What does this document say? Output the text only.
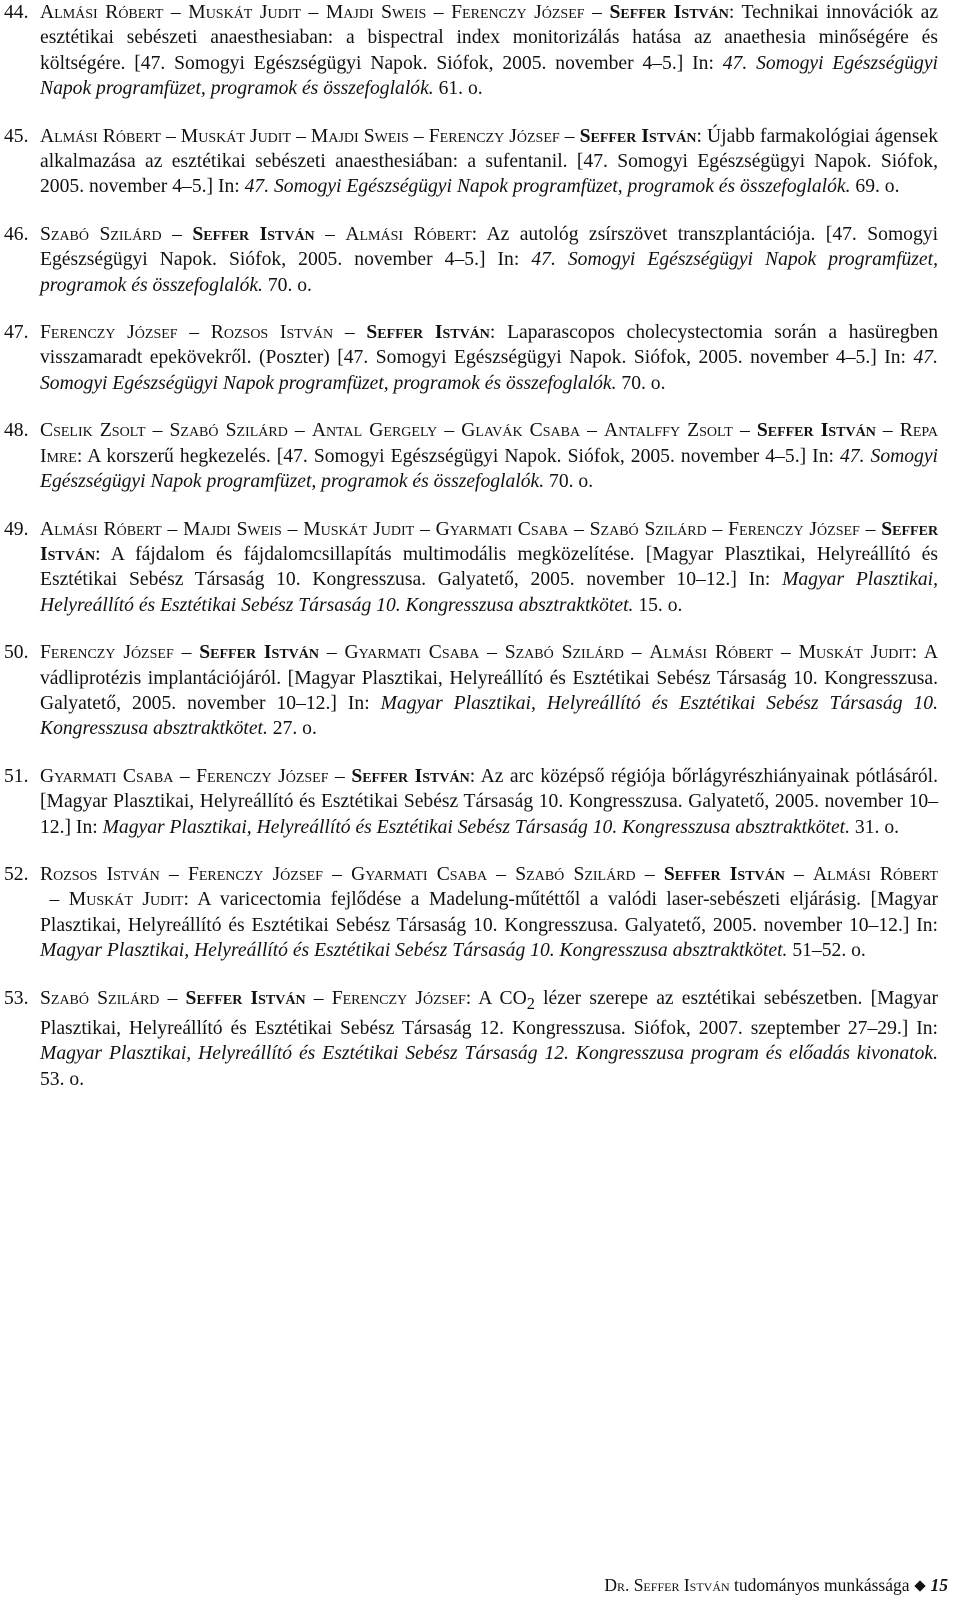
44. Almási Róbert – Muskát Judit – Majdi Sweis – Ferenczy József – Seffer István: Technikai innovációk az esztétikai sebészeti anaesthesiaban: a bispectral index monitorizálás hatása az anaethesia minőségére és költségére. [47. Somogyi Egészségügyi Napok. Siófok, 2005. november 4–5.] In: 47. Somogyi Egészségügyi Napok programfüzet, programok és összefoglalók. 61. o.

45. Almási Róbert – Muskát Judit – Majdi Sweis – Ferenczy József – Seffer István: Újabb farmakológiai ágensek alkalmazása az esztétikai sebészeti anaesthesiában: a sufentanil. [47. Somogyi Egészségügyi Napok. Siófok, 2005. november 4–5.] In: 47. Somogyi Egészségügyi Napok programfüzet, programok és összefoglalók. 69. o.

46. Szabó Szilárd – Seffer István – Almási Róbert: Az autológ zsírszövet transzplantációja. [47. Somogyi Egészségügyi Napok. Siófok, 2005. november 4–5.] In: 47. Somogyi Egészségügyi Napok programfüzet, programok és összefoglalók. 70. o.

47. Ferenczy József – Rozsos István – Seffer István: Laparascopos cholecystectomia során a hasüregben visszamaradt epekövekről. (Poszter) [47. Somogyi Egészségügyi Napok. Siófok, 2005. november 4–5.] In: 47. Somogyi Egészségügyi Napok programfüzet, programok és összefoglalók. 70. o.

48. Cselik Zsolt – Szabó Szilárd – Antal Gergely – Glavák Csaba – Antalffy Zsolt – Seffer István – Repa Imre: A korszerű hegkezelés. [47. Somogyi Egészségügyi Napok. Siófok, 2005. november 4–5.] In: 47. Somogyi Egészségügyi Napok programfüzet, programok és összefoglalók. 70. o.

49. Almási Róbert – Majdi Sweis – Muskát Judit – Gyarmati Csaba – Szabó Szilárd – Ferenczy József – Seffer István: A fájdalom és fájdalomcsillapítás multimodális megközelítése. [Magyar Plasztikai, Helyreállító és Esztétikai Sebész Társaság 10. Kongresszusa. Galyatető, 2005. november 10–12.] In: Magyar Plasztikai, Helyreállító és Esztétikai Sebész Társaság 10. Kongresszusa absztraktkötet. 15. o.

50. Ferenczy József – Seffer István – Gyarmati Csaba – Szabó Szilárd – Almási Róbert – Muskát Judit: A vádliprotézis implantációjáról. [Magyar Plasztikai, Helyreállító és Esztétikai Sebész Társaság 10. Kongresszusa. Galyatető, 2005. november 10–12.] In: Magyar Plasztikai, Helyreállító és Esztétikai Sebész Társaság 10. Kongresszusa absztraktkötet. 27. o.

51. Gyarmati Csaba – Ferenczy József – Seffer István: Az arc középső régiója bőrlágyrészhiányainak pótlásáról. [Magyar Plasztikai, Helyreállító és Esztétikai Sebész Társaság 10. Kongresszusa. Galyatető, 2005. november 10–12.] In: Magyar Plasztikai, Helyreállító és Esztétikai Sebész Társaság 10. Kongresszusa absztraktkötet. 31. o.

52. Rozsos István – Ferenczy József – Gyarmati Csaba – Szabó Szilárd – Seffer István – Almási Róbert – Muskát Judit: A varicectomia fejlődése a Madelung-műtéttől a valódi laser-sebészeti eljárásig. [Magyar Plasztikai, Helyreállító és Esztétikai Sebész Társaság 10. Kongresszusa. Galyatető, 2005. november 10–12.] In: Magyar Plasztikai, Helyreállító és Esztétikai Sebész Társaság 10. Kongresszusa absztraktkötet. 51–52. o.

53. Szabó Szilárd – Seffer István – Ferenczy József: A $CO_2$ lézer szerepe az esztétikai sebészetben. [Magyar Plasztikai, Helyreállító és Esztétikai Sebész Társaság 12. Kongresszusa. Siófok, 2007. szeptember 27–29.] In: Magyar Plasztikai, Helyreállító és Esztétikai Sebész Társaság 12. Kongresszusa program és előadás kivonatok. 53. o.

Dr. Seffer István tudományos munkássága 15
